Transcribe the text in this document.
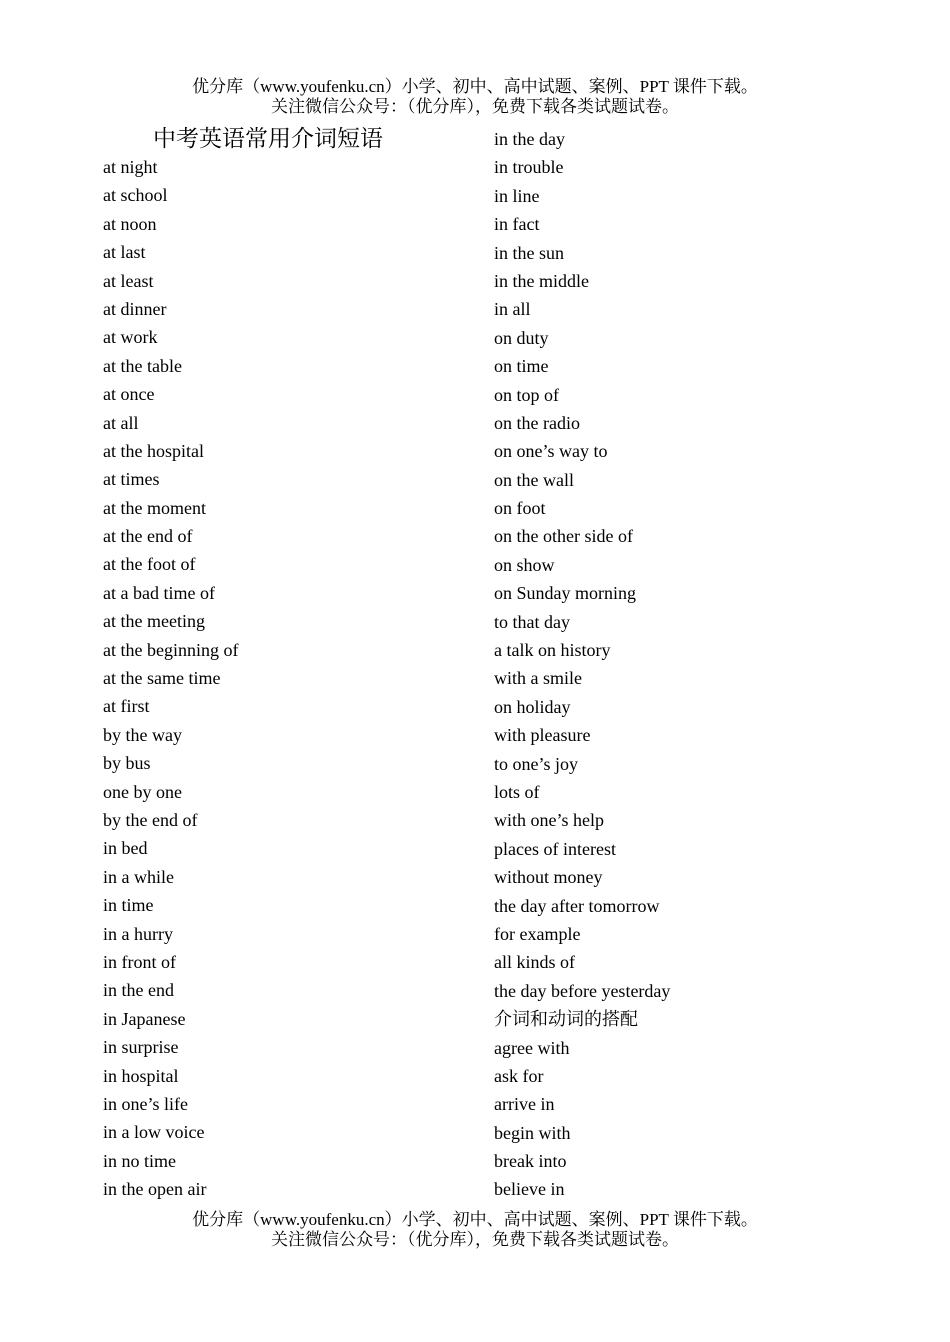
优分库（www.youfenku.cn）小学、初中、高中试题、案例、PPT 课件下载。
关注微信公众号：（优分库），免费下载各类试题试卷。
中考英语常用介词短语
at night
at school
at noon
at last
at least
at dinner
at work
at the table
at once
at all
at the hospital
at times
at the moment
at the end of
at the foot of
at a bad time of
at the meeting
at the beginning of
at the same time
at first
by the way
by bus
one by one
by the end of
in bed
in a while
in time
in a hurry
in front of
in the end
in Japanese
in surprise
in hospital
in one’s life
in a low voice
in no time
in the open air
in the day
in trouble
in line
in fact
in the sun
in the middle
in all
on duty
on time
on top of
on the radio
on one’s way to
on the wall
on foot
on the other side of
on show
on Sunday morning
to that day
a talk on history
with a smile
on holiday
with pleasure
to one’s joy
lots of
with one’s help
places of interest
without money
the day after tomorrow
for example
all kinds of
the day before yesterday
介词和动词的搭配
agree with
ask for
arrive in
begin with
break into
believe in
优分库（www.youfenku.cn）小学、初中、高中试题、案例、PPT 课件下载。
关注微信公众号：（优分库），免费下载各类试题试卷。
